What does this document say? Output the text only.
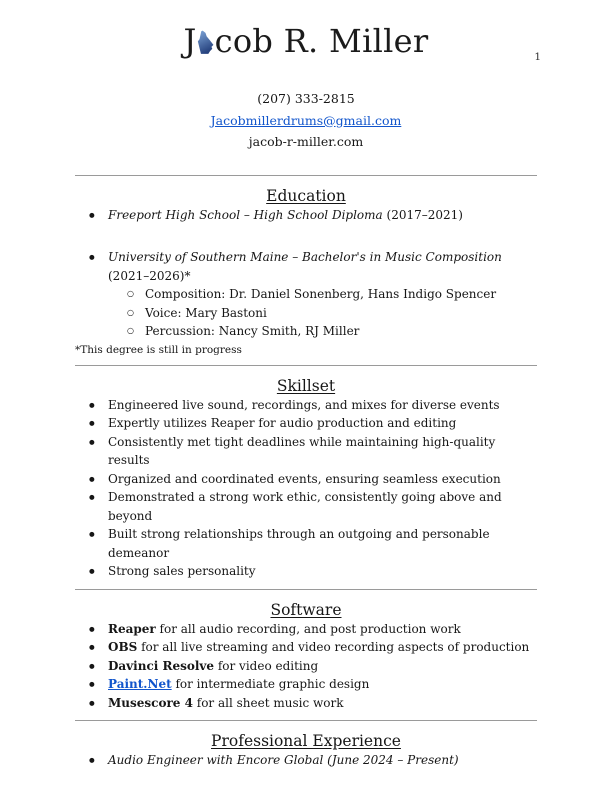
1
J cob R. Miller
(207) 333-2815
Jacobmillerdrums@gmail.com
jacob-r-miller.com
Education
● Freeport High School – High School Diploma (2017–2021)
● University of Southern Maine – Bachelor's in Music Composition (2021–2026)*
○ Composition: Dr. Daniel Sonenberg, Hans Indigo Spencer
○ Voice: Mary Bastoni
○ Percussion: Nancy Smith, RJ Miller
*This degree is still in progress
Skillset
● Engineered live sound, recordings, and mixes for diverse events
● Expertly utilizes Reaper for audio production and editing
● Consistently met tight deadlines while maintaining high-quality results
● Organized and coordinated events, ensuring seamless execution
● Demonstrated a strong work ethic, consistently going above and beyond
● Built strong relationships through an outgoing and personable demeanor
● Strong sales personality
Software
● Reaper for all audio recording, and post production work
● OBS for all live streaming and video recording aspects of production
● Davinci Resolve for video editing
● Paint.Net for intermediate graphic design
● Musescore 4 for all sheet music work
Professional Experience
● Audio Engineer with Encore Global (June 2024 – Present)
